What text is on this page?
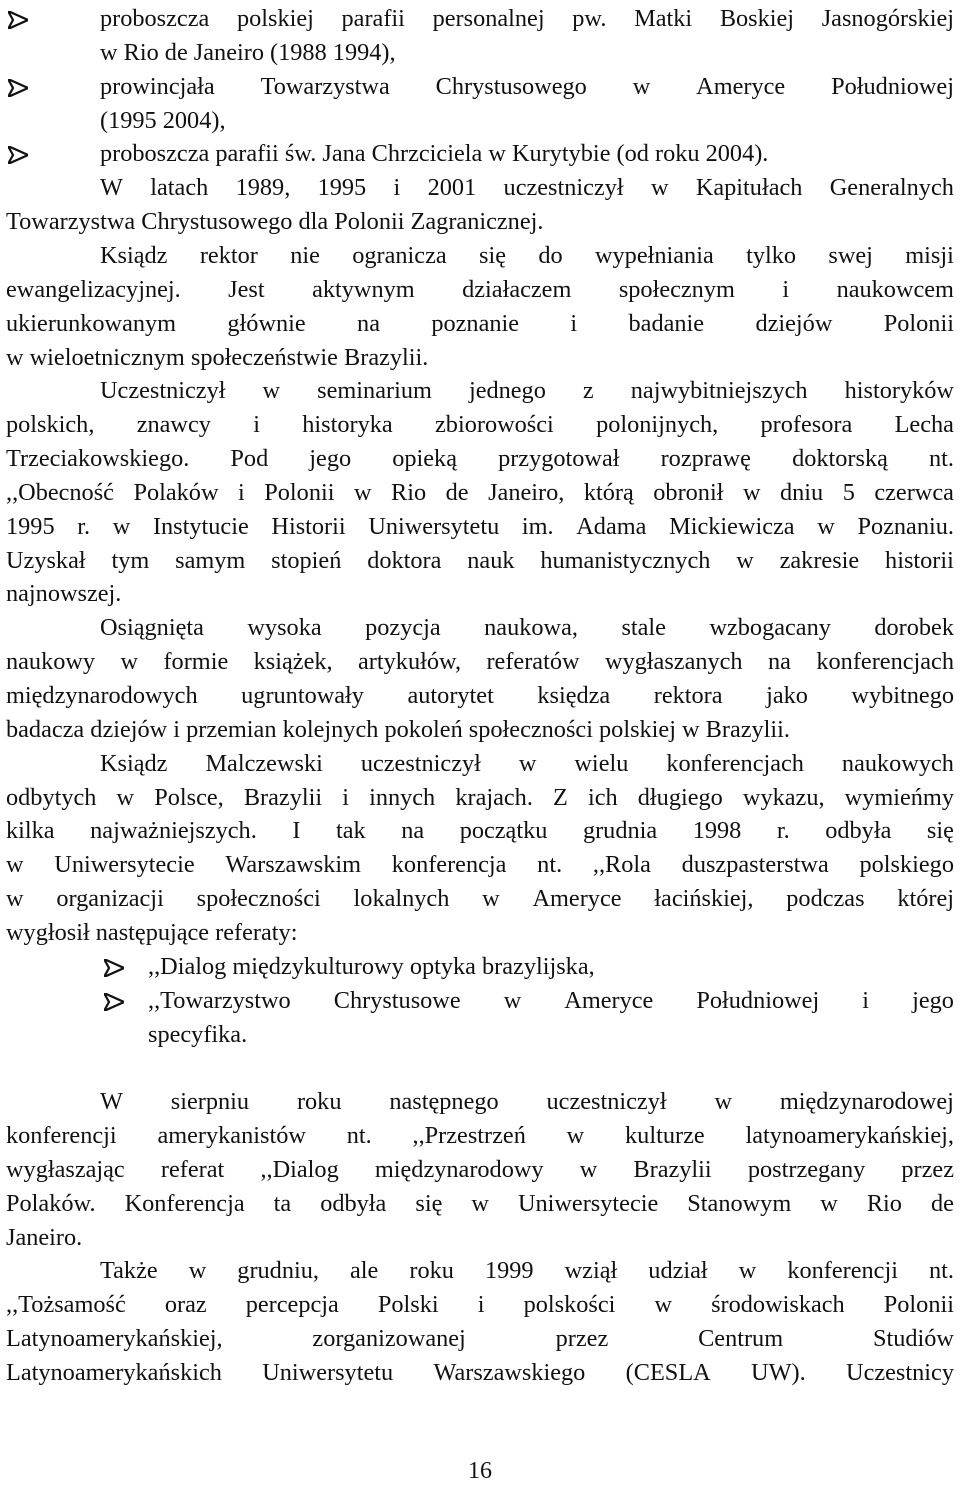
proboszcza polskiej parafii personalnej pw. Matki Boskiej Jasnogórskiej
w Rio de Janeiro (1988 1994),
prowincjała Towarzystwa Chrystusowego w Ameryce Południowej
(1995 2004),
proboszcza parafii św. Jana Chrzciciela w Kurytybie (od roku 2004).
W latach 1989, 1995 i 2001 uczestniczył w Kapitułach Generalnych
Towarzystwa Chrystusowego dla Polonii Zagranicznej.
Ksiądz rektor nie ogranicza się do wypełniania tylko swej misji
ewangelizacyjnej. Jest aktywnym działaczem społecznym i naukowcem
ukierunkowanym głównie na poznanie i badanie dziejów Polonii
w wieloetnicznym społeczeństwie Brazylii.
Uczestniczył w seminarium jednego z najwybitniejszych historyków
polskich, znawcy i historyka zbiorowości polonijnych, profesora Lecha
Trzeciakowskiego. Pod jego opieką przygotował rozprawę doktorską nt.
,,Obecność Polaków i Polonii w Rio de Janeiro, którą obronił w dniu 5 czerwca
1995 r. w Instytucie Historii Uniwersytetu im. Adama Mickiewicza w Poznaniu.
Uzyskał tym samym stopień doktora nauk humanistycznych w zakresie historii
najnowszej.
Osiągnięta wysoka pozycja naukowa, stale wzbogacany dorobek
naukowy w formie książek, artykułów, referatów wygłaszanych na konferencjach
międzynarodowych ugruntowały autorytet księdza rektora jako wybitnego
badacza dziejów i przemian kolejnych pokoleń społeczności polskiej w Brazylii.
Ksiądz Malczewski uczestniczył w wielu konferencjach naukowych
odbytych w Polsce, Brazylii i innych krajach. Z ich długiego wykazu, wymieńmy
kilka najważniejszych. I tak na początku grudnia 1998 r. odbyła się
w Uniwersytecie Warszawskim konferencja nt. ,,Rola duszpasterstwa polskiego
w organizacji społeczności lokalnych w Ameryce łacińskiej, podczas której
wygłosił następujące referaty:
,,Dialog międzykulturowy optyka brazylijska,
,,Towarzystwo Chrystusowe w Ameryce Południowej i jego
specyfika.
W sierpniu roku następnego uczestniczył w międzynarodowej
konferencji amerykanistów nt. ,,Przestrzeń w kulturze latynoamerykańskiej,
wygłaszając referat ,,Dialog międzynarodowy w Brazylii postrzegany przez
Polaków. Konferencja ta odbyła się w Uniwersytecie Stanowym w Rio de
Janeiro.
Także w grudniu, ale roku 1999 wziął udział w konferencji nt.
,,Tożsamość oraz percepcja Polski i polskości w środowiskach Polonii
Latynoamerykańskiej,	zorganizowanej	przez	Centrum	Studiów
Latynoamerykańskich Uniwersytetu Warszawskiego (CESLA UW). Uczestnicy
16
